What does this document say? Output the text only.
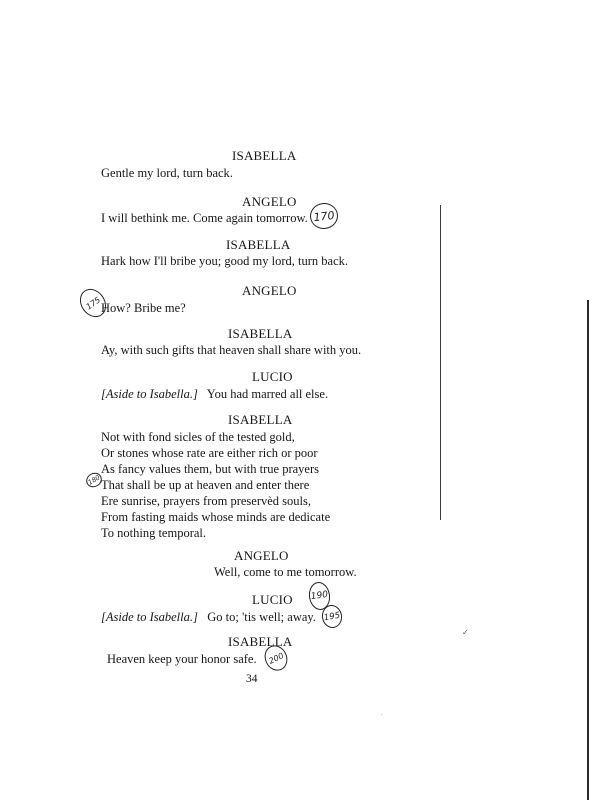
ISABELLA
Gentle my lord, turn back.
ANGELO
I will bethink me. Come again tomorrow.
ISABELLA
Hark how I'll bribe you; good my lord, turn back.
ANGELO
How? Bribe me?
ISABELLA
Ay, with such gifts that heaven shall share with you.
LUCIO
[Aside to Isabella.] You had marred all else.
ISABELLA
Not with fond sicles of the tested gold,
Or stones whose rate are either rich or poor
As fancy values them, but with true prayers
That shall be up at heaven and enter there
Ere sunrise, prayers from preservèd souls,
From fasting maids whose minds are dedicate
To nothing temporal.
ANGELO
Well, come to me tomorrow.
LUCIO
[Aside to Isabella.] Go to; 'tis well; away.
ISABELLA
Heaven keep your honor safe.
34
170
175
180
190
195
200
✓
·
